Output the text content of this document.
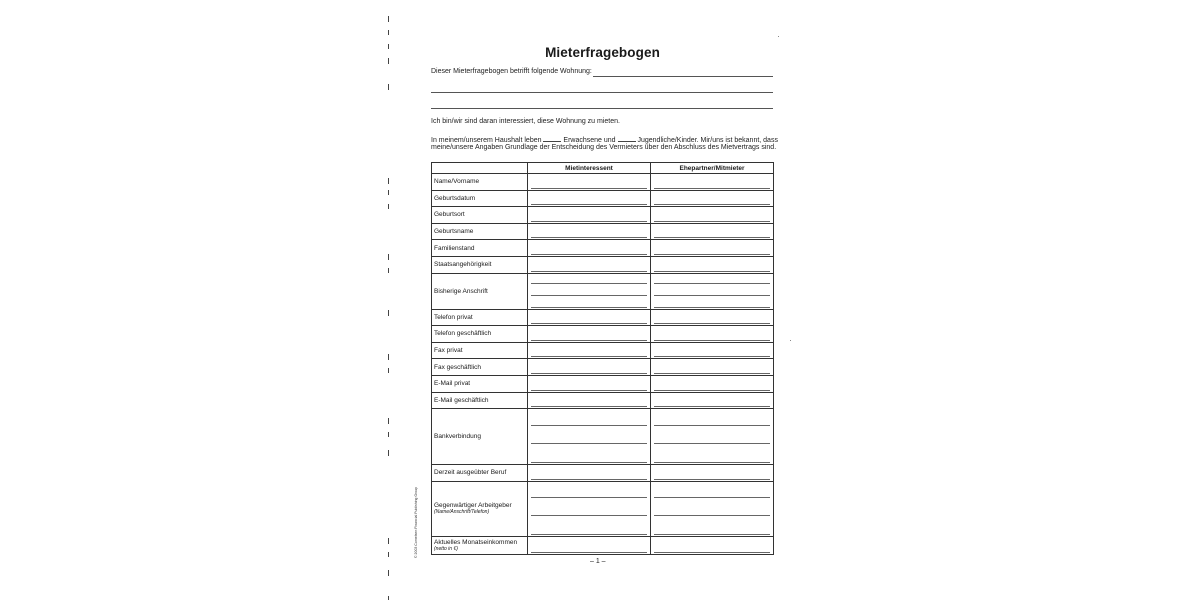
Mieterfragebogen
Dieser Mieterfragebogen betrifft folgende Wohnung:
Ich bin/wir sind daran interessiert, diese Wohnung zu mieten.
In meinem/unserem Haushalt leben	Erwachsene und	Jugendliche/Kinder. Mir/uns ist bekannt, dass
meine/unsere Angaben Grundlage der Entscheidung des Vermieters über den Abschluss des Mietvertrags sind.
	Mietinteressent	Ehepartner/Mitmieter
Name/Vorname	

Geburtsdatum	

Geburtsort	

Geburtsname	

Familienstand	

Staatsangehörigkeit	

Bisherige Anschrift	

Telefon privat	

Telefon geschäftlich	

Fax privat	

Fax geschäftlich	

E-Mail privat	

E-Mail geschäftlich	

Bankverbindung	

Derzeit ausgeübter Beruf	

Gegenwärtiger Arbeitgeber
(Name/Anschrift/Telefon)		

Aktuelles Monatseinkommen
(netto in €)		

© 2003 Cornelsen Financial Publishing Group
– 1 –
